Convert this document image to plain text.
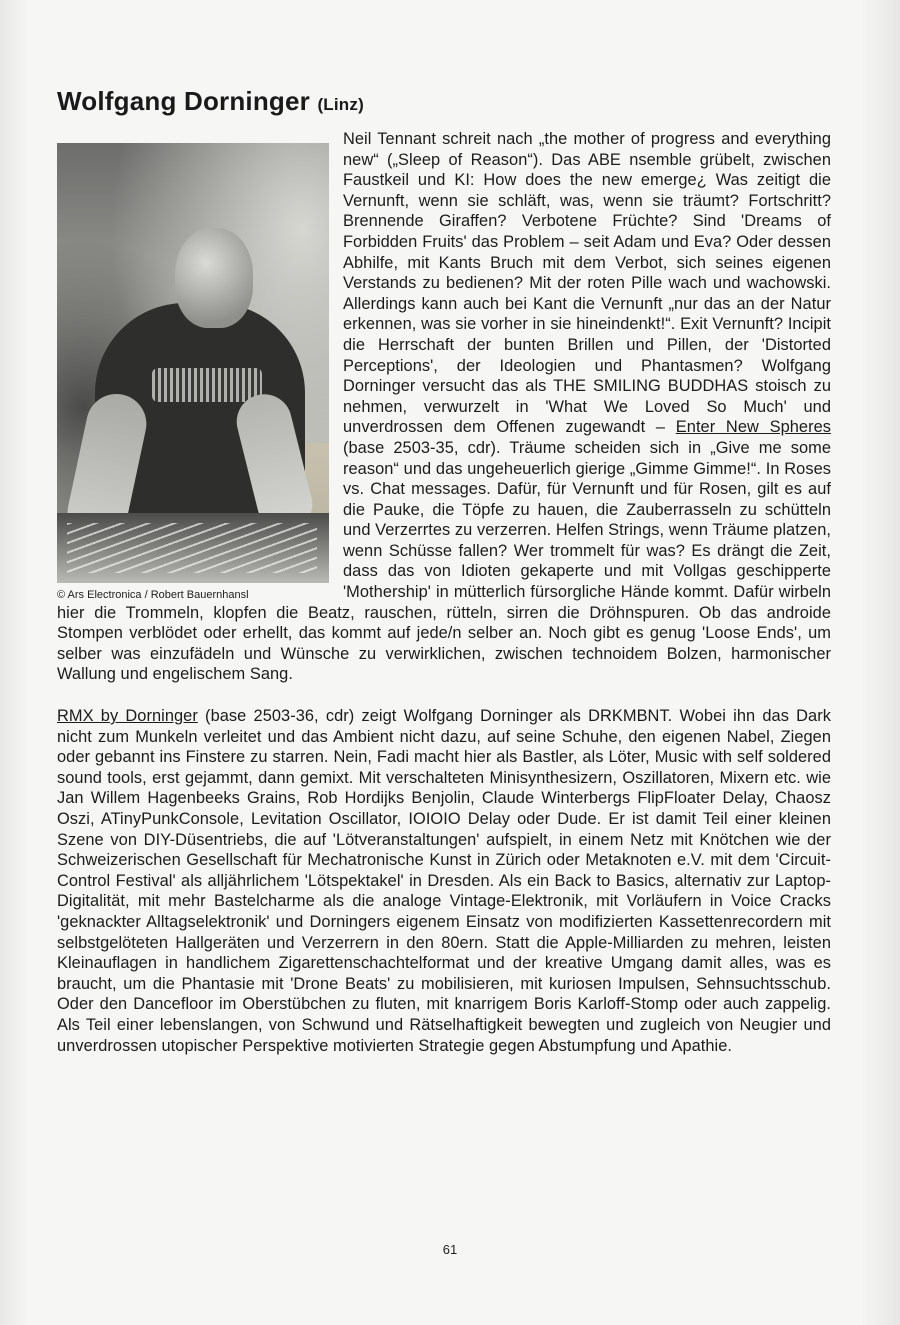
Wolfgang Dorninger (Linz)
© Ars Electronica / Robert Bauernhansl

Neil Tennant schreit nach „the mother of progress and everything new“ („Sleep of Reason“). Das ABE nsemble grübelt, zwischen Faustkeil und KI: How does the new emerge¿ Was zeitigt die Vernunft, wenn sie schläft, was, wenn sie träumt? Fortschritt? Brennende Giraffen? Verbotene Früchte? Sind 'Dreams of Forbidden Fruits' das Problem – seit Adam und Eva? Oder dessen Abhilfe, mit Kants Bruch mit dem Verbot, sich seines eigenen Verstands zu bedienen? Mit der roten Pille wach und wachowski. Allerdings kann auch bei Kant die Vernunft „nur das an der Natur erkennen, was sie vorher in sie hineindenkt!“. Exit Vernunft? Incipit die Herrschaft der bunten Brillen und Pillen, der 'Distorted Perceptions', der Ideologien und Phantasmen? Wolfgang Dorninger versucht das als THE SMILING BUDDHAS stoisch zu nehmen, verwurzelt in 'What We Loved So Much' und unverdrossen dem Offenen zugewandt – Enter New Spheres (base 2503-35, cdr). Träume scheiden sich in „Give me some reason“ und das ungeheuerlich gierige „Gimme Gimme!“. In Roses vs. Chat messages. Dafür, für Vernunft und für Rosen, gilt es auf die Pauke, die Töpfe zu hauen, die Zauberrasseln zu schütteln und Verzerrtes zu verzerren. Helfen Strings, wenn Träume platzen, wenn Schüsse fallen? Wer trommelt für was? Es drängt die Zeit, dass das von Idioten gekaperte und mit Vollgas geschipperte 'Mothership' in mütterlich fürsorgliche Hände kommt. Dafür wirbeln hier die Trommeln, klopfen die Beatz, rauschen, rütteln, sirren die Dröhnspuren. Ob das androide Stompen verblödet oder erhellt, das kommt auf jede/n selber an. Noch gibt es genug 'Loose Ends', um selber was einzufädeln und Wünsche zu verwirklichen, zwischen technoidem Bolzen, harmonischer Wallung und engelischem Sang.

RMX by Dorninger (base 2503-36, cdr) zeigt Wolfgang Dorninger als DRKMBNT. Wobei ihn das Dark nicht zum Munkeln verleitet und das Ambient nicht dazu, auf seine Schuhe, den eigenen Nabel, Ziegen oder gebannt ins Finstere zu starren. Nein, Fadi macht hier als Bastler, als Löter, Music with self soldered sound tools, erst gejammt, dann gemixt. Mit verschalteten Minisynthesizern, Oszillatoren, Mixern etc. wie Jan Willem Hagenbeeks Grains, Rob Hordijks Benjolin, Claude Winterbergs FlipFloater Delay, Chaosz Oszi, ATinyPunkConsole, Levitation Oscillator, IOIOIO Delay oder Dude. Er ist damit Teil einer kleinen Szene von DIY-Düsentriebs, die auf 'Lötveranstaltungen' aufspielt, in einem Netz mit Knötchen wie der Schweizerischen Gesellschaft für Mechatronische Kunst in Zürich oder Metaknoten e.V. mit dem 'Circuit-Control Festival' als alljährlichem 'Lötspektakel' in Dresden. Als ein Back to Basics, alternativ zur Laptop-Digitalität, mit mehr Bastelcharme als die analoge Vintage-Elektronik, mit Vorläufern in Voice Cracks 'geknackter Alltagselektronik' und Dorningers eigenem Einsatz von modifizierten Kassettenrecordern mit selbstgelöteten Hallgeräten und Verzerrern in den 80ern. Statt die Apple-Milliarden zu mehren, leisten Kleinauflagen in handlichem Zigarettenschachtelformat und der kreative Umgang damit alles, was es braucht, um die Phantasie mit 'Drone Beats' zu mobilisieren, mit kuriosen Impulsen, Sehnsuchtsschub. Oder den Dancefloor im Oberstübchen zu fluten, mit knarrigem Boris Karloff-Stomp oder auch zappelig. Als Teil einer lebenslangen, von Schwund und Rätselhaftigkeit bewegten und zugleich von Neugier und unverdrossen utopischer Perspektive motivierten Strategie gegen Abstumpfung und Apathie.

61
